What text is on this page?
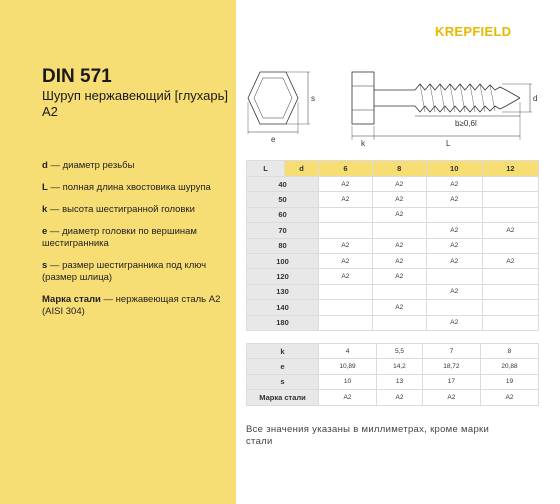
DIN 571
Шуруп нержавеющий [глухарь] A2
d — диаметр резьбы
L — полная длина хвостовика шурупа
k — высота шестигранной головки
e — диаметр головки по вершинам шестигранника
s — размер шестигранника под ключ (размер шлица)
Марка стали — нержавеющая сталь A2 (AISI 304)
KREPFIELD
s
e	k
b≥0,6l
L
d
L	d	6	8	10	12
40		A2	A2	A2	
50		A2	A2	A2	
60			A2		
70				A2	A2
80		A2	A2	A2	
100		A2	A2	A2	A2
120		A2	A2		
130				A2	
140			A2		
180				A2	
k	4	5,5	7	8
e	10,89	14,2	18,72	20,88
s	10	13	17	19
Марка стали	A2	A2	A2	A2
Все значения указаны в миллиметрах, кроме марки стали
